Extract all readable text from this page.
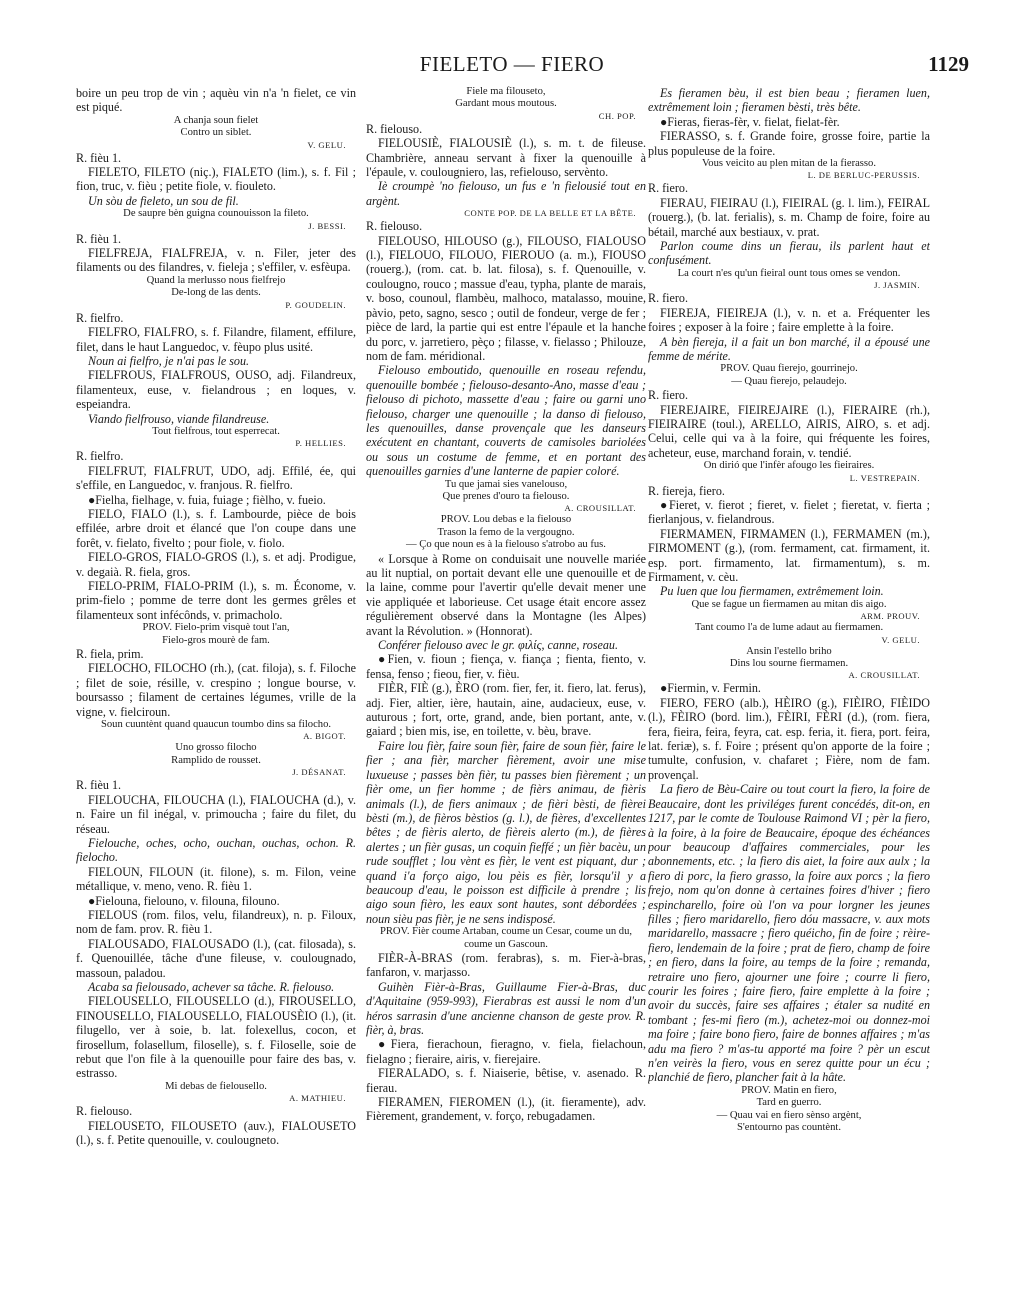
FIELETO — FIERO	1129

boire un peu trop de vin ; aquèu vin n'a 'n fielet, ce vin est piqué.

A chanja soun fielet

Contro un siblet.

V. GELU.

R. fièu 1.

FIELETO, FILETO (niç.), FIALETO (lim.), s. f. Fil ; fion, truc, v. fièu ; petite fiole, v. fiouleto.

Un sòu de fieleto, un sou de fil.

De saupre bèn guigna counouisson la fileto.

J. BESSI.

R. fièu 1.

FIELFREJA, FIALFREJA, v. n. Filer, jeter des filaments ou des filandres, v. fieleja ; s'effiler, v. esfèupa.

Quand la merlusso nous fielfrejo

De-long de las dents.

P. GOUDELIN.

R. fielfro.

FIELFRO, FIALFRO, s. f. Filandre, filament, effilure, filet, dans le haut Languedoc, v. fèupo plus usité.

Noun ai fielfro, je n'ai pas le sou.

FIELFROUS, FIALFROUS, OUSO, adj. Filandreux, filamenteux, euse, v. fielandrous ; en loques, v. espeiandra.

Viando fielfrouso, viande filandreuse.

Tout fielfrous, tout esperrecat.

P. HELLIES.

R. fielfro.

FIELFRUT, FIALFRUT, UDO, adj. Effilé, ée, qui s'effile, en Languedoc, v. franjous. R. fielfro.

●Fielha, fielhage, v. fuia, fuiage ; fièlho, v. fueio.

FIELO, FIALO (l.), s. f. Lambourde, pièce de bois effilée, arbre droit et élancé que l'on coupe dans une forêt, v. fielato, fivelto ; pour fiole, v. fiolo.

FIELO-GROS, FIALO-GROS (l.), s. et adj. Prodigue, v. degaià. R. fiela, gros.

FIELO-PRIM, FIALO-PRIM (l.), s. m. Économe, v. prim-fielo ; pomme de terre dont les germes grêles et filamenteux sont infécônds, v. primacholo.

PROV. Fielo-prim visquè tout l'an,

Fielo-gros mourè de fam.

R. fiela, prim.

FIELOCHO, FILOCHO (rh.), (cat. filoja), s. f. Filoche ; filet de soie, résille, v. crespino ; longue bourse, v. boursasso ; filament de certaines légumes, vrille de la vigne, v. fielciroun.

Soun cuuntènt quand quaucun toumbo dins sa filocho.

A. BIGOT.

Uno grosso filocho

Ramplido de rousset.

J. DÉSANAT.

R. fièu 1.

FIELOUCHA, FILOUCHA (l.), FIALOUCHA (d.), v. n. Faire un fil inégal, v. primoucha ; faire du filet, du réseau.

Fielouche, oches, ocho, ouchan, ouchas, ochon. R. fielocho.

FIELOUN, FILOUN (it. filone), s. m. Filon, veine métallique, v. meno, veno. R. fièu 1.

●Fielouna, fielouno, v. filouna, filouno.

FIELOUS (rom. filos, velu, filandreux), n. p. Filoux, nom de fam. prov. R. fièu 1.

FIALOUSADO, FIALOUSADO (l.), (cat. filosada), s. f. Quenouillée, tâche d'une fileuse, v. coulougnado, massoun, paladou.

Acaba sa fielousado, achever sa tâche. R. fielouso.

FIELOUSELLO, FILOUSELLO (d.), FIROUSELLO, FINOUSELLO, FIALOUSELLO, FIALOUSÈIO (l.), (it. filugello, ver à soie, b. lat. folexellus, cocon, et firosellum, folasellum, filoselle), s. f. Filoselle, soie de rebut que l'on file à la quenouille pour faire des bas, v. estrasso.

Mi debas de fielousello.

A. MATHIEU.

R. fielouso.

FIELOUSETO, FILOUSETO (auv.), FIALOUSETO (l.), s. f. Petite quenouille, v. coulougneto.

Fiele ma filouseto,

Gardant mous moutous.

CH. POP.

R. fielouso.

FIELOUSIÈ, FIALOUSIÈ (l.), s. m. t. de fileuse. Chambrière, anneau servant à fixer la quenouille à l'épaule, v. coulougniero, las, refielouso, servènto.

Iè croumpè 'no fielouso, un fus e 'n fielousié tout en argènt.

CONTE POP. DE LA BELLE ET LA BÊTE.

R. fielouso.

FIELOUSO, HILOUSO (g.), FILOUSO, FIALOUSO (l.), FIELOUO, FILOUO, FIEROUO (a. m.), FIOUSO (rouerg.), (rom. cat. b. lat. filosa), s. f. Quenouille, v. coulougno, rouco ; massue d'eau, typha, plante de marais, v. boso, counoul, flambèu, malhoco, matalasso, mouine, pàvio, peto, sagno, sesco ; outil de fondeur, verge de fer ; pièce de lard, la partie qui est entre l'épaule et la hanche du porc, v. jarretiero, pèço ; filasse, v. fielasso ; Philouze, nom de fam. méridional.

Fielouso emboutido, quenouille en roseau refendu, quenouille bombée ; fielouso-desanto-Ano, masse d'eau ; fielouso di pichoto, massette d'eau ; faire ou garni uno fielouso, charger une quenouille ; la danso di fielouso, les quenouilles, danse provençale que les danseurs exécutent en chantant, couverts de camisoles bariolées ou sous un costume de femme, et en portant des quenouilles garnies d'une lanterne de papier coloré.

Tu que jamai sies vanelouso,

Que prenes d'ouro ta fielouso.

A. CROUSILLAT.

PROV. Lou debas e la fielouso

Trason la femo de la vergougno.

— Ço que noun es à la fielouso s'atrobo au fus.

« Lorsque à Rome on conduisait une nouvelle mariée au lit nuptial, on portait devant elle une quenouille et de la laine, comme pour l'avertir qu'elle devait mener une vie appliquée et laborieuse. Cet usage était encore assez régulièrement observé dans la Montagne (les Alpes) avant la Révolution. » (Honnorat).

Conférer fielouso avec le gr. φιλίς, canne, roseau.

●Fien, v. fioun ; fiença, v. fiança ; fienta, fiento, v. fensa, fenso ; fieou, fier, v. fièu.

FIÈR, FIÈ (g.), ÈRO (rom. fier, fer, it. fiero, lat. ferus), adj. Fier, altier, ière, hautain, aine, audacieux, euse, v. auturous ; fort, orte, grand, ande, bien portant, ante, v. gaiard ; bien mis, ise, en toilette, v. bèu, brave.

Faire lou fièr, faire soun fièr, faire de soun fièr, faire le fier ; ana fièr, marcher fièrement, avoir une mise luxueuse ; passes bèn fièr, tu passes bien fièrement ; un fièr ome, un fier homme ; de fièrs animau, de fièris animals (l.), de fiers animaux ; de fièri bèsti, de fièrei bèsti (m.), de fièros bèstios (g. l.), de fières, d'excellentes bêtes ; de fièris alerto, de fièreis alerto (m.), de fières alertes ; un fièr gusas, un coquin fieffé ; un fièr bacèu, un rude soufflet ; lou vènt es fièr, le vent est piquant, dur ; quand i'a forço aigo, lou pèis es fièr, lorsqu'il y a beaucoup d'eau, le poisson est difficile à prendre ; lis aigo soun fièro, les eaux sont hautes, sont débordées ; noun sièu pas fièr, je ne sens indisposé.

PROV. Fièr coume Artaban, coume un Cesar, coume un du, coume un Gascoun.

FIÈR-À-BRAS (rom. ferabras), s. m. Fier-à-bras, fanfaron, v. marjasso.

Guihèn Fièr-à-Bras, Guillaume Fier-à-Bras, duc d'Aquitaine (959-993), Fierabras est aussi le nom d'un héros sarrasin d'une ancienne chanson de geste prov. R. fièr, à, bras.

●Fiera, fierachoun, fieragno, v. fiela, fielachoun, fielagno ; fieraire, airis, v. fierejaire.

FIERALADO, s. f. Niaiserie, bêtise, v. asenado. R. fierau.

FIERAMEN, FIEROMEN (l.), (it. fieramente), adv. Fièrement, grandement, v. forço, rebugadamen.

Es fieramen bèu, il est bien beau ; fieramen luen, extrêmement loin ; fieramen bèsti, très bête.

●Fieras, fieras-fèr, v. fielat, fielat-fèr.

FIERASSO, s. f. Grande foire, grosse foire, partie la plus populeuse de la foire.

Vous veicito au plen mitan de la fierasso.

L. DE BERLUC-PERUSSIS.

R. fiero.

FIERAU, FIEIRAU (l.), FIEIRAL (g. l. lim.), FEIRAL (rouerg.), (b. lat. ferialis), s. m. Champ de foire, foire au bétail, marché aux bestiaux, v. prat.

Parlon coume dins un fierau, ils parlent haut et confusément.

La court n'es qu'un fieiral ount tous omes se vendon.

J. JASMIN.

R. fiero.

FIEREJA, FIEIREJA (l.), v. n. et a. Fréquenter les foires ; exposer à la foire ; faire emplette à la foire.

A bèn fiereja, il a fait un bon marché, il a épousé une femme de mérite.

PROV. Quau fierejo, gourrinejo.

— Quau fierejo, pelaudejo.

R. fiero.

FIEREJAIRE, FIEIREJAIRE (l.), FIERAIRE (rh.), FIEIRAIRE (toul.), ARELLO, AIRIS, AIRO, s. et adj. Celui, celle qui va à la foire, qui fréquente les foires, acheteur, euse, marchand forain, v. tendié.

On dirió que l'infèr afougo les fieiraires.

L. VESTREPAIN.

R. fiereja, fiero.

●Fieret, v. fierot ; fieret, v. fielet ; fieretat, v. fierta ; fierlanjous, v. fielandrous.

FIERMAMEN, FIRMAMEN (l.), FERMAMEN (m.), FIRMOMENT (g.), (rom. fermament, cat. firmament, it. esp. port. firmamento, lat. firmamentum), s. m. Firmament, v. cèu.

Pu luen que lou fiermamen, extrêmement loin.

Que se fague un fiermamen au mitan dis aigo.

ARM. PROUV.

Tant coumo l'a de lume adaut au fiermamen.

V. GELU.

Ansin l'estello briho

Dins lou sourne fiermamen.

A. CROUSILLAT.

●Fiermin, v. Fermin.

FIERO, FERO (alb.), HÈIRO (g.), FIÈIRO, FIÈIDO (l.), FÈIRO (bord. lim.), FÈIRI, FÈRI (d.), (rom. fiera, fera, fieira, feira, feyra, cat. esp. feria, it. fiera, port. feira, lat. feriæ), s. f. Foire ; présent qu'on apporte de la foire ; tumulte, confusion, v. chafaret ; Fière, nom de fam. provençal.

La fiero de Bèu-Caire ou tout court la fiero, la foire de Beaucaire, dont les priviléges furent concédés, dit-on, en 1217, par le comte de Toulouse Raimond VI ; pèr la fiero, à la foire, à la foire de Beaucaire, époque des échéances pour beaucoup d'affaires commerciales, pour les abonnements, etc. ; la fiero dis aiet, la foire aux aulx ; la fiero di porc, la fiero grasso, la foire aux porcs ; la fiero frejo, nom qu'on donne à certaines foires d'hiver ; fiero espincharello, foire où l'on va pour lorgner les jeunes filles ; fiero maridarello, fiero dóu massacre, v. aux mots maridarello, massacre ; fiero quéicho, fin de foire ; rèire-fiero, lendemain de la foire ; prat de fiero, champ de foire ; en fiero, dans la foire, au temps de la foire ; remanda, retraire uno fiero, ajourner une foire ; courre li fiero, courir les foires ; faire fiero, faire emplette à la foire ; avoir du succès, faire ses affaires ; étaler sa nudité en tombant ; fes-mi fiero (m.), achetez-moi ou donnez-moi ma foire ; faire bono fiero, faire de bonnes affaires ; m'as adu ma fiero ? m'as-tu apporté ma foire ? pèr un escut n'en veirès la fiero, vous en serez quitte pour un écu ; planchié de fiero, plancher fait à la hâte.

PROV. Matin en fiero,

Tard en guerro.

— Quau vai en fiero sènso argènt,

S'entourno pas countènt.
